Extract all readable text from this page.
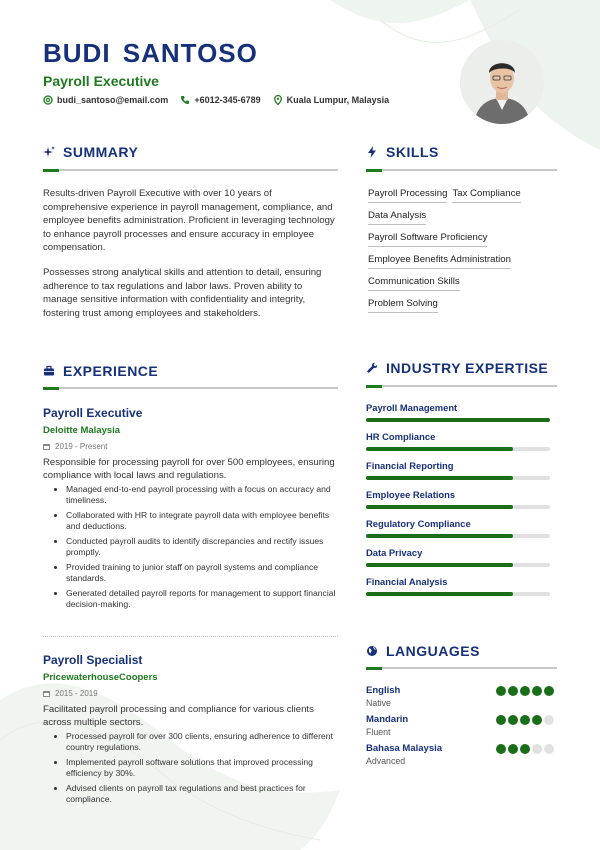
BUDI SANTOSO
Payroll Executive
budi_santoso@email.com	+6012-345-6789	Kuala Lumpur, Malaysia
SUMMARY
Results-driven Payroll Executive with over 10 years of comprehensive experience in payroll management, compliance, and employee benefits administration. Proficient in leveraging technology to enhance payroll processes and ensure accuracy in employee compensation.
Possesses strong analytical skills and attention to detail, ensuring adherence to tax regulations and labor laws. Proven ability to manage sensitive information with confidentiality and integrity, fostering trust among employees and stakeholders.
SKILLS
Payroll Processing Tax Compliance
Data Analysis
Payroll Software Proficiency
Employee Benefits Administration
Communication Skills
Problem Solving
EXPERIENCE
Payroll Executive
Deloitte Malaysia
2019 - Present
Responsible for processing payroll for over 500 employees, ensuring compliance with local laws and regulations.
• Managed end-to-end payroll processing with a focus on accuracy and timeliness.
• Collaborated with HR to integrate payroll data with employee benefits and deductions.
• Conducted payroll audits to identify discrepancies and rectify issues promptly.
• Provided training to junior staff on payroll systems and compliance standards.
• Generated detailed payroll reports for management to support financial decision-making.
Payroll Specialist
PricewaterhouseCoopers
2015 - 2019
Facilitated payroll processing and compliance for various clients across multiple sectors.
• Processed payroll for over 300 clients, ensuring adherence to different country regulations.
• Implemented payroll software solutions that improved processing efficiency by 30%.
• Advised clients on payroll tax regulations and best practices for compliance.
INDUSTRY EXPERTISE
Payroll Management
HR Compliance
Financial Reporting
Employee Relations
Regulatory Compliance
Data Privacy
Financial Analysis
LANGUAGES
English
Native
Mandarin
Fluent
Bahasa Malaysia
Advanced
